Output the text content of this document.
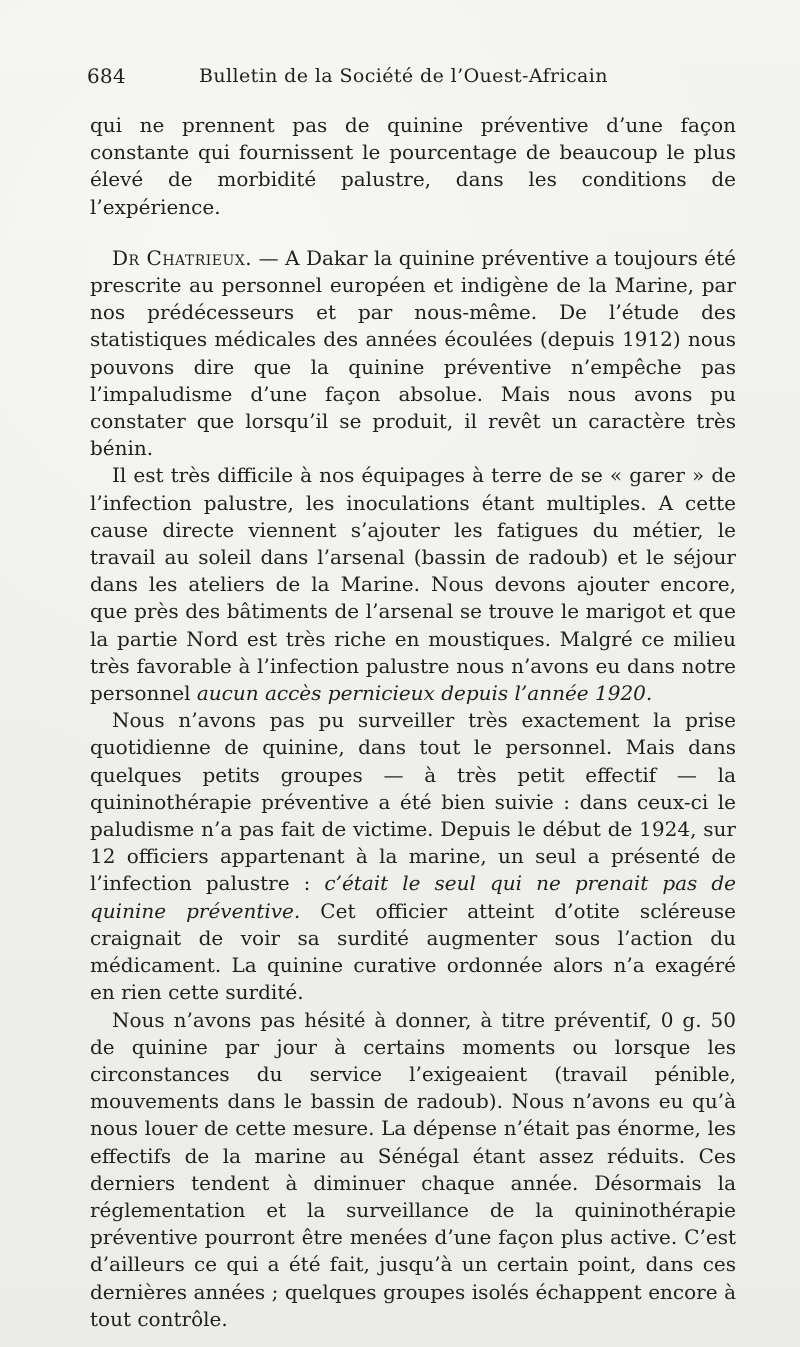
684	Bulletin de la Société de l’Ouest-Africain

qui ne prennent pas de quinine préventive d’une façon constante qui fournissent le pourcentage de beaucoup le plus élevé de morbidité palustre, dans les conditions de l’expérience.

Dr Chatrieux. — A Dakar la quinine préventive a toujours été prescrite au personnel européen et indigène de la Marine, par nos prédécesseurs et par nous-même. De l’étude des statistiques médicales des années écoulées (depuis 1912) nous pouvons dire que la quinine préventive n’empêche pas l’impaludisme d’une façon absolue. Mais nous avons pu constater que lorsqu’il se produit, il revêt un caractère très bénin.

Il est très difficile à nos équipages à terre de se « garer » de l’infection palustre, les inoculations étant multiples. A cette cause directe viennent s’ajouter les fatigues du métier, le travail au soleil dans l’arsenal (bassin de radoub) et le séjour dans les ateliers de la Marine. Nous devons ajouter encore, que près des bâtiments de l’arsenal se trouve le marigot et que la partie Nord est très riche en moustiques. Malgré ce milieu très favorable à l’infection palustre nous n’avons eu dans notre personnel aucun accès pernicieux depuis l’année 1920.

Nous n’avons pas pu surveiller très exactement la prise quotidienne de quinine, dans tout le personnel. Mais dans quelques petits groupes — à très petit effectif — la quininothérapie préventive a été bien suivie : dans ceux-ci le paludisme n’a pas fait de victime. Depuis le début de 1924, sur 12 officiers appartenant à la marine, un seul a présenté de l’infection palustre : c’était le seul qui ne prenait pas de quinine préventive. Cet officier atteint d’otite scléreuse craignait de voir sa surdité augmenter sous l’action du médicament. La quinine curative ordonnée alors n’a exagéré en rien cette surdité.

Nous n’avons pas hésité à donner, à titre préventif, 0 g. 50 de quinine par jour à certains moments ou lorsque les circonstances du service l’exigeaient (travail pénible, mouvements dans le bassin de radoub). Nous n’avons eu qu’à nous louer de cette mesure. La dépense n’était pas énorme, les effectifs de la marine au Sénégal étant assez réduits. Ces derniers tendent à diminuer chaque année. Désormais la réglementation et la surveillance de la quininothérapie préventive pourront être menées d’une façon plus active. C’est d’ailleurs ce qui a été fait, jusqu’à un certain point, dans ces dernières années ; quelques groupes isolés échappent encore à tout contrôle.
